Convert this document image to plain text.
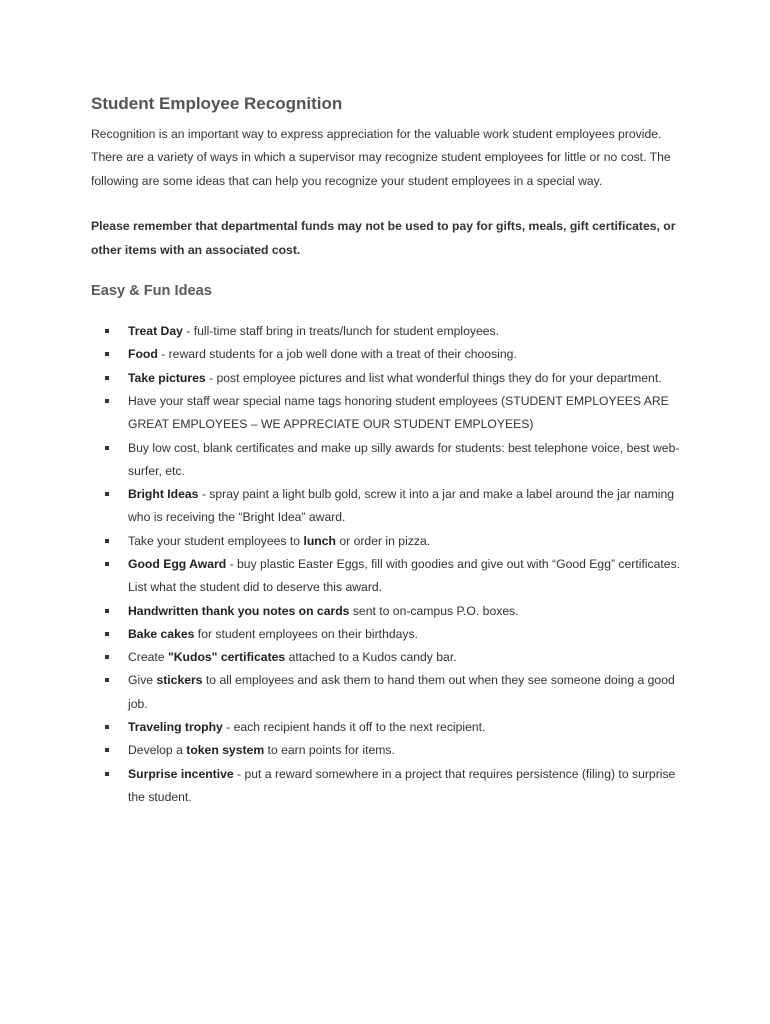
Student Employee Recognition

Recognition is an important way to express appreciation for the valuable work student employees provide. There are a variety of ways in which a supervisor may recognize student employees for little or no cost. The following are some ideas that can help you recognize your student employees in a special way.

Please remember that departmental funds may not be used to pay for gifts, meals, gift certificates, or other items with an associated cost.

Easy & Fun Ideas
Treat Day - full-time staff bring in treats/lunch for student employees.
Food - reward students for a job well done with a treat of their choosing.
Take pictures - post employee pictures and list what wonderful things they do for your department.
Have your staff wear special name tags honoring student employees (STUDENT EMPLOYEES ARE GREAT EMPLOYEES – WE APPRECIATE OUR STUDENT EMPLOYEES)
Buy low cost, blank certificates and make up silly awards for students: best telephone voice, best web-surfer, etc.
Bright Ideas - spray paint a light bulb gold, screw it into a jar and make a label around the jar naming who is receiving the “Bright Idea” award.
Take your student employees to lunch or order in pizza.
Good Egg Award - buy plastic Easter Eggs, fill with goodies and give out with “Good Egg” certificates. List what the student did to deserve this award.
Handwritten thank you notes on cards sent to on-campus P.O. boxes.
Bake cakes for student employees on their birthdays.
Create "Kudos" certificates attached to a Kudos candy bar.
Give stickers to all employees and ask them to hand them out when they see someone doing a good job.
Traveling trophy - each recipient hands it off to the next recipient.
Develop a token system to earn points for items.
Surprise incentive - put a reward somewhere in a project that requires persistence (filing) to surprise the student.
